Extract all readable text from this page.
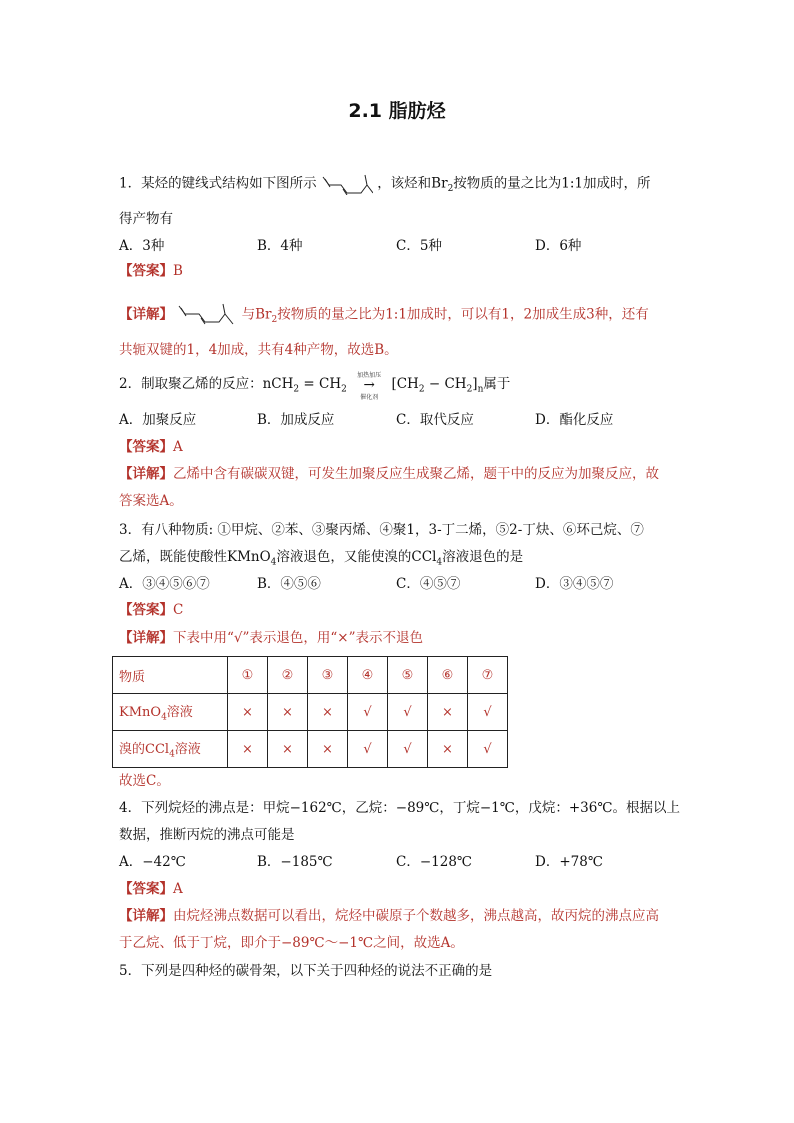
2.1 脂肪烃
1．某烃的键线式结构如下图所示	，该烃和$Br_2$按物质的量之比为1:1加成时，所
得产物有
A．3种	B．4种	C．5种	D．6种
【答案】B
【详解】	与$Br_2$按物质的量之比为1:1加成时，可以有1，2加成生成3种，还有
共轭双键的1，4加成，共有4种产物，故选B。
2．制取聚乙烯的反应：$nCH_2 = CH_2$
加热加压
→
催化剂
$[CH_2 - CH_2]_n$属于
A．加聚反应	B．加成反应	C．取代反应	D．酯化反应
【答案】A
【详解】乙烯中含有碳碳双键，可发生加聚反应生成聚乙烯，题干中的反应为加聚反应，故
答案选A。
3．有八种物质: ①甲烷、②苯、③聚丙烯、④聚1，3-丁二烯，⑤2-丁炔、⑥环己烷、⑦
乙烯，既能使酸性KMnO$_4$溶液退色，又能使溴的CCl$_4$溶液退色的是
A．③④⑤⑥⑦	B．④⑤⑥	C．④⑤⑦	D．③④⑤⑦
【答案】C
【详解】下表中用“√”表示退色，用“×”表示不退色
物质	①	②	③	④	⑤	⑥	⑦
KMnO$_4$溶液	×	×	×	√	√	×	√
溴的CCl$_4$溶液	×	×	×	√	√	×	√
故选C。
4．下列烷烃的沸点是：甲烷−162℃，乙烷：−89℃，丁烷−1℃，戊烷：+36℃。根据以上
数据，推断丙烷的沸点可能是
A．−42℃	B．−185℃	C．−128℃	D．+78℃
【答案】A
【详解】由烷烃沸点数据可以看出，烷烃中碳原子个数越多，沸点越高，故丙烷的沸点应高
于乙烷、低于丁烷，即介于−89℃～−1℃之间，故选A。
5．下列是四种烃的碳骨架，以下关于四种烃的说法不正确的是
